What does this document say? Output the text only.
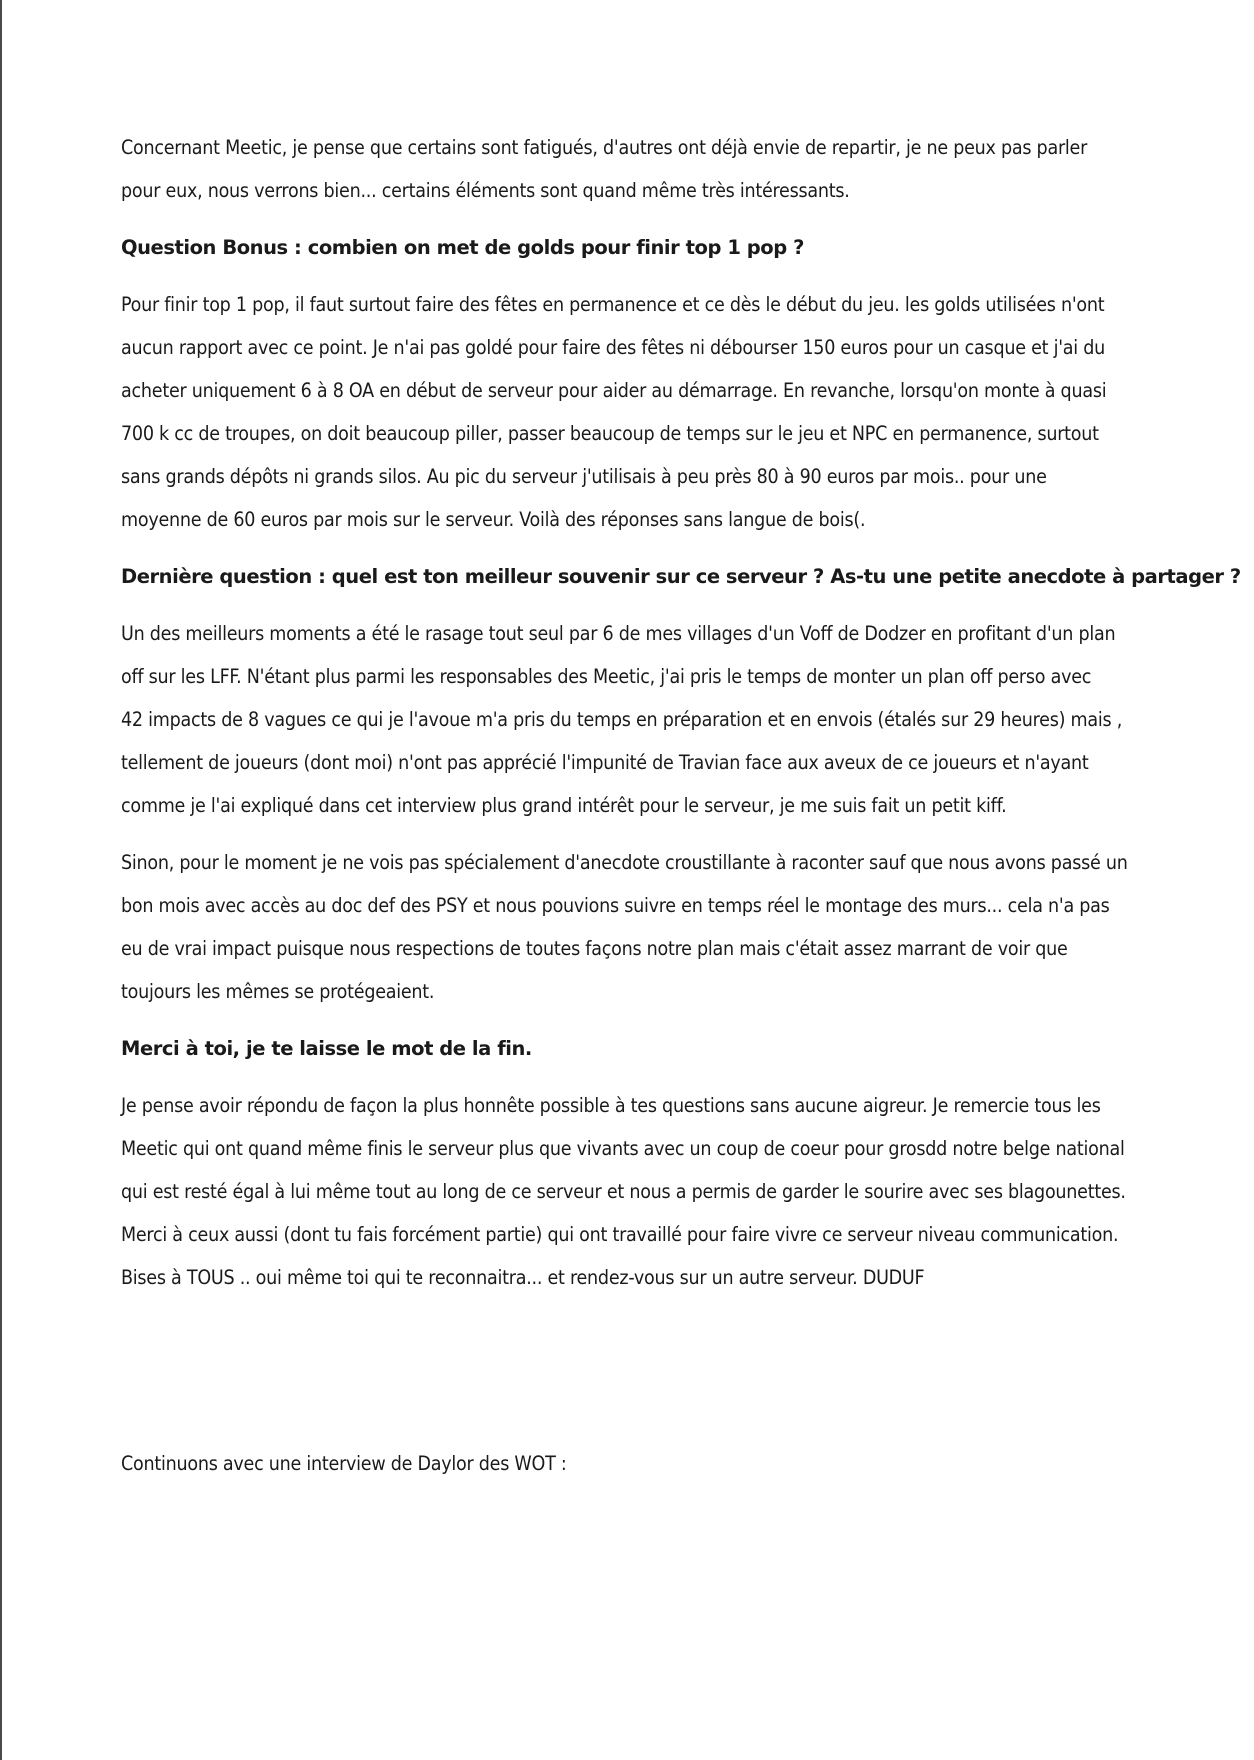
Concernant Meetic, je pense que certains sont fatigués, d'autres ont déjà envie de repartir, je ne peux pas parler
pour eux, nous verrons bien... certains éléments sont quand même très intéressants.

Question Bonus : combien on met de golds pour finir top 1 pop ?

Pour finir top 1 pop, il faut surtout faire des fêtes en permanence et ce dès le début du jeu. les golds utilisées n'ont
aucun rapport avec ce point. Je n'ai pas goldé pour faire des fêtes ni débourser 150 euros pour un casque et j'ai du
acheter uniquement 6 à 8 OA en début de serveur pour aider au démarrage. En revanche, lorsqu'on monte à quasi
700 k cc de troupes, on doit beaucoup piller, passer beaucoup de temps sur le jeu et NPC en permanence, surtout
sans grands dépôts ni grands silos. Au pic du serveur j'utilisais à peu près 80 à 90 euros par mois.. pour une
moyenne de 60 euros par mois sur le serveur. Voilà des réponses sans langue de bois(.

Dernière question : quel est ton meilleur souvenir sur ce serveur ? As-tu une petite anecdote à partager ?

Un des meilleurs moments a été le rasage tout seul par 6 de mes villages d'un Voff de Dodzer en profitant d'un plan
off sur les LFF. N'étant plus parmi les responsables des Meetic, j'ai pris le temps de monter un plan off perso avec
42 impacts de 8 vagues ce qui je l'avoue m'a pris du temps en préparation et en envois (étalés sur 29 heures) mais ,
tellement de joueurs (dont moi) n'ont pas apprécié l'impunité de Travian face aux aveux de ce joueurs et n'ayant
comme je l'ai expliqué dans cet interview plus grand intérêt pour le serveur, je me suis fait un petit kiff.

Sinon, pour le moment je ne vois pas spécialement d'anecdote croustillante à raconter sauf que nous avons passé un
bon mois avec accès au doc def des PSY et nous pouvions suivre en temps réel le montage des murs... cela n'a pas
eu de vrai impact puisque nous respections de toutes façons notre plan mais c'était assez marrant de voir que
toujours les mêmes se protégeaient.

Merci à toi, je te laisse le mot de la fin.

Je pense avoir répondu de façon la plus honnête possible à tes questions sans aucune aigreur. Je remercie tous les
Meetic qui ont quand même finis le serveur plus que vivants avec un coup de coeur pour grosdd notre belge national
qui est resté égal à lui même tout au long de ce serveur et nous a permis de garder le sourire avec ses blagounettes.
Merci à ceux aussi (dont tu fais forcément partie) qui ont travaillé pour faire vivre ce serveur niveau communication.
Bises à TOUS .. oui même toi qui te reconnaitra... et rendez-vous sur un autre serveur. DUDUF

Continuons avec une interview de Daylor des WOT :
